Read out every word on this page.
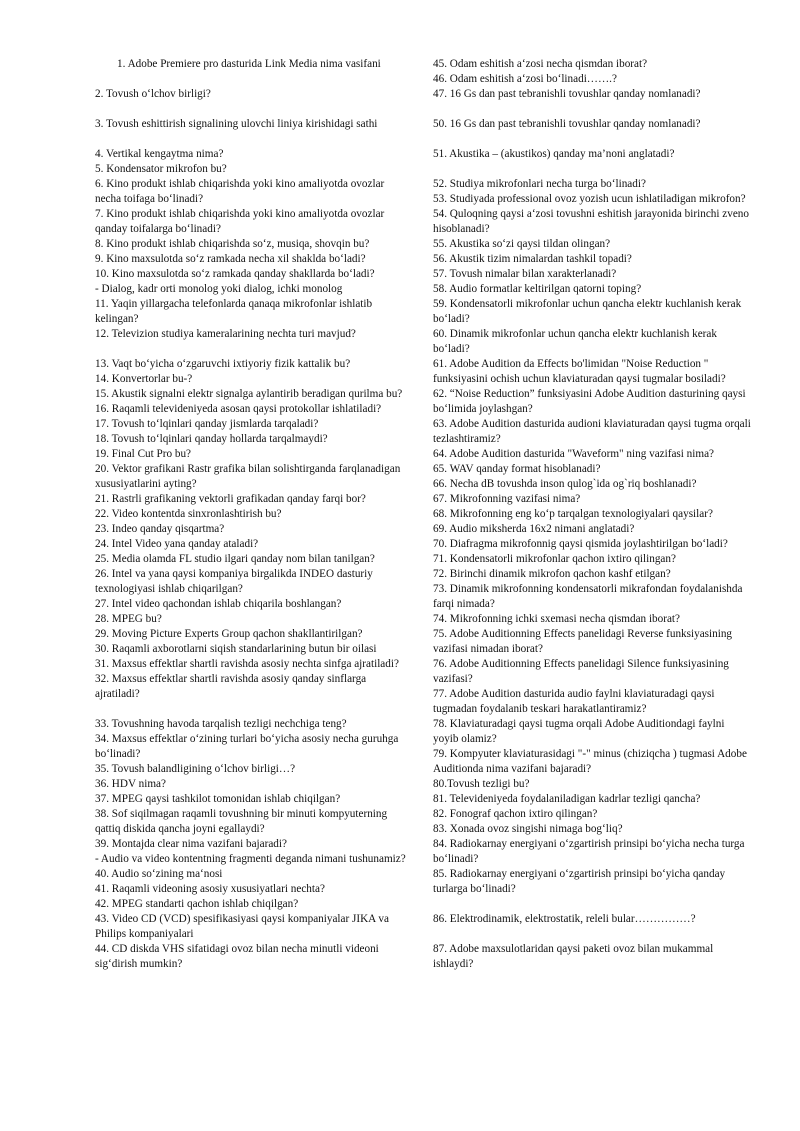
1. Adobe Premiere pro dasturida Link Media nima vasifani

2. Tovush o‘lchov birligi?

3. Tovush eshittirish signalining ulovchi liniya kirishidagi sathi

4. Vertikal kengaytma nima?

5. Kondensator mikrofon bu?

6. Kino produkt ishlab chiqarishda yoki kino amaliyotda ovozlar necha toifaga bo‘linadi?

7. Kino produkt ishlab chiqarishda yoki kino amaliyotda ovozlar qanday toifalarga bo‘linadi?

8. Kino produkt ishlab chiqarishda so‘z, musiqa, shovqin bu?

9. Kino maxsulotda so‘z ramkada necha xil shaklda bo‘ladi?

10. Kino maxsulotda so‘z ramkada qanday shakllarda bo‘ladi?

- Dialog, kadr orti monolog yoki dialog, ichki monolog

11. Yaqin yillargacha telefonlarda qanaqa mikrofonlar ishlatib kelingan?

12. Televizion studiya kameralarining nechta turi mavjud?

13. Vaqt bo‘yicha o‘zgaruvchi ixtiyoriy fizik kattalik bu?

14. Konvertorlar bu-?

15. Akustik signalni elektr signalga aylantirib beradigan qurilma bu?

16. Raqamli televideniyeda asosan qaysi protokollar ishlatiladi?

17. Tovush to‘lqinlari qanday jismlarda tarqaladi?

18. Tovush to‘lqinlari qanday hollarda tarqalmaydi?

19. Final Cut Pro bu?

20. Vektor grafikani Rastr grafika bilan solishtirganda farqlanadigan xususiyatlarini ayting?

21. Rastrli grafikaning vektorli grafikadan qanday farqi bor?

22. Video kontentda sinxronlashtirish bu?

23. Indeo qanday qisqartma?

24. Intel Video yana qanday ataladi?

25. Media olamda FL studio ilgari qanday nom bilan tanilgan?

26. Intel va yana qaysi kompaniya birgalikda INDEO dasturiy texnologiyasi ishlab chiqarilgan?

27. Intel video qachondan ishlab chiqarila boshlangan?

28. MPEG bu?

29. Moving Picture Experts Group qachon shakllantirilgan?

30. Raqamli axborotlarni siqish standarlarining butun bir oilasi

31. Maxsus effektlar shartli ravishda asosiy nechta sinfga ajratiladi?

32. Maxsus effektlar shartli ravishda asosiy qanday sinflarga ajratiladi?

33. Tovushning havoda tarqalish tezligi nechchiga teng?

34. Maxsus effektlar o‘zining turlari bo‘yicha asosiy necha guruhga bo‘linadi?

35. Tovush balandligining o‘lchov birligi…?

36. HDV nima?

37. MPEG qaysi tashkilot tomonidan ishlab chiqilgan?

38. Sof siqilmagan raqamli tovushning bir minuti kompyuterning qattiq diskida qancha joyni egallaydi?

39. Montajda clear nima vazifani bajaradi?

- Audio va video kontentning fragmenti deganda nimani tushunamiz?

40. Audio so‘zining ma‘nosi

41. Raqamli videoning asosiy xususiyatlari nechta?

42. MPEG standarti qachon ishlab chiqilgan?

43. Video CD (VCD) spesifikasiyasi qaysi kompaniyalar JIKA va Philips kompaniyalari

44. CD diskda VHS sifatidagi ovoz bilan necha minutli videoni sig‘dirish mumkin?

45. Odam eshitish a‘zosi necha qismdan iborat?

46. Odam eshitish a‘zosi bo‘linadi…….?

47. 16 Gs dan past tebranishli tovushlar qanday nomlanadi?

50. 16 Gs dan past tebranishli tovushlar qanday nomlanadi?

51. Akustika – (akustikos) qanday ma’noni anglatadi?

52. Studiya mikrofonlari necha turga bo‘linadi?

53. Studiyada professional ovoz yozish ucun ishlatiladigan mikrofon?

54. Quloqning qaysi a‘zosi tovushni eshitish jarayonida birinchi zveno hisoblanadi?

55. Akustika so‘zi qaysi tildan olingan?

56. Akustik tizim nimalardan tashkil topadi?

57. Tovush nimalar bilan xarakterlanadi?

58. Audio formatlar keltirilgan qatorni toping?

59. Kondensatorli mikrofonlar uchun qancha elektr kuchlanish kerak bo‘ladi?

60. Dinamik mikrofonlar uchun qancha elektr kuchlanish kerak bo‘ladi?

61. Adobe Audition da Effects bo'limidan "Noise Reduction " funksiyasini ochish uchun klaviaturadan qaysi tugmalar bosiladi?

62. “Noise Reduction” funksiyasini Adobe Audition dasturining qaysi bo‘limida joylashgan?

63. Adobe Audition dasturida audioni klaviaturadan qaysi tugma orqali tezlashtiramiz?

64. Adobe Audition dasturida "Waveform" ning vazifasi nima?

65. WAV qanday format hisoblanadi?

66. Necha dB tovushda inson qulog`ida og`riq boshlanadi?

67. Mikrofonning vazifasi nima?

68. Mikrofonning eng ko‘p tarqalgan texnologiyalari qaysilar?

69. Audio miksherda 16x2 nimani anglatadi?

70. Diafragma mikrofonnig qaysi qismida joylashtirilgan bo‘ladi?

71. Kondensatorli mikrofonlar qachon ixtiro qilingan?

72. Birinchi dinamik mikrofon qachon kashf etilgan?

73. Dinamik mikrofonning kondensatorli mikrafondan foydalanishda farqi nimada?

74. Mikrofonning ichki sxemasi necha qismdan iborat?

75. Adobe Auditionning Effects panelidagi Reverse funksiyasining vazifasi nimadan iborat?

76. Adobe Auditionning Effects panelidagi Silence funksiyasining vazifasi?

77. Adobe Audition dasturida audio faylni klaviaturadagi qaysi tugmadan foydalanib teskari harakatlantiramiz?

78. Klaviaturadagi qaysi tugma orqali Adobe Auditiondagi faylni yoyib olamiz?

79. Kompyuter klaviaturasidagi "-" minus (chiziqcha ) tugmasi Adobe Auditionda nima vazifani bajaradi?

80.Tovush tezligi bu?

81. Televideniyeda foydalaniladigan kadrlar tezligi qancha?

82. Fonograf qachon ixtiro qilingan?

83. Xonada ovoz singishi nimaga bog‘liq?

84. Radiokarnay energiyani o‘zgartirish prinsipi bo‘yicha necha turga bo‘linadi?

85. Radiokarnay energiyani o‘zgartirish prinsipi bo‘yicha qanday turlarga bo‘linadi?

86. Elektrodinamik, elektrostatik, releli bular……………?

87. Adobe maxsulotlaridan qaysi paketi ovoz bilan mukammal ishlaydi?
